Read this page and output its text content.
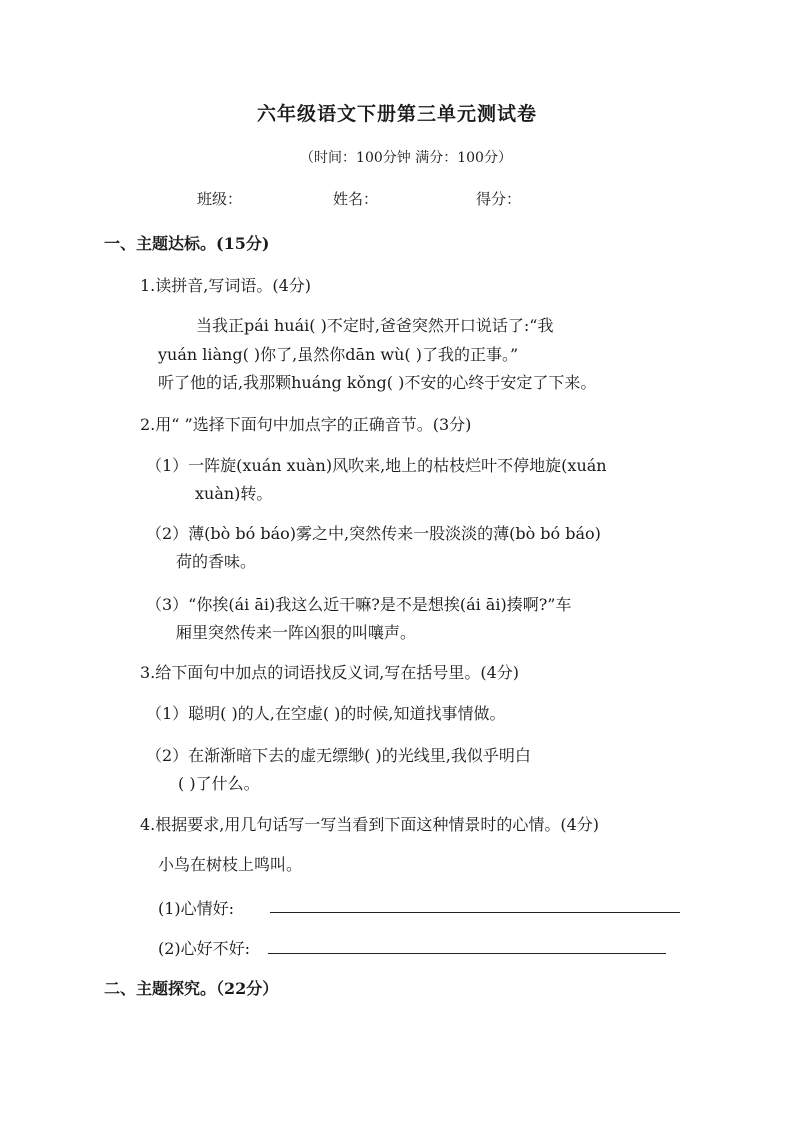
六年级语文下册第三单元测试卷
（时间：100分钟 满分：100分）
班级：	姓名：	得分：
一、主题达标。(15分)
1.读拼音,写词语。(4分)
当我正pái huái( )不定时,爸爸突然开口说话了:“我
yuán liàng( )你了,虽然你dān wù( )了我的正事。”
听了他的话,我那颗huáng kǒng( )不安的心终于安定了下来。
2.用“ ”选择下面句中加点字的正确音节。(3分)
（1）一阵旋(xuán xuàn)风吹来,地上的枯枝烂叶不停地旋(xuán
xuàn)转。
（2）薄(bò bó báo)雾之中,突然传来一股淡淡的薄(bò bó báo)
荷的香味。
（3）“你挨(ái āi)我这么近干嘛?是不是想挨(ái āi)揍啊?”车
厢里突然传来一阵凶狠的叫嚷声。
3.给下面句中加点的词语找反义词,写在括号里。(4分)
（1）聪明( )的人,在空虚( )的时候,知道找事情做。
（2）在渐渐暗下去的虚无缥缈( )的光线里,我似乎明白
( )了什么。
4.根据要求,用几句话写一写当看到下面这种情景时的心情。(4分)
小鸟在树枝上鸣叫。
(1)心情好:
(2)心好不好:
二、主题探究。（22分）
